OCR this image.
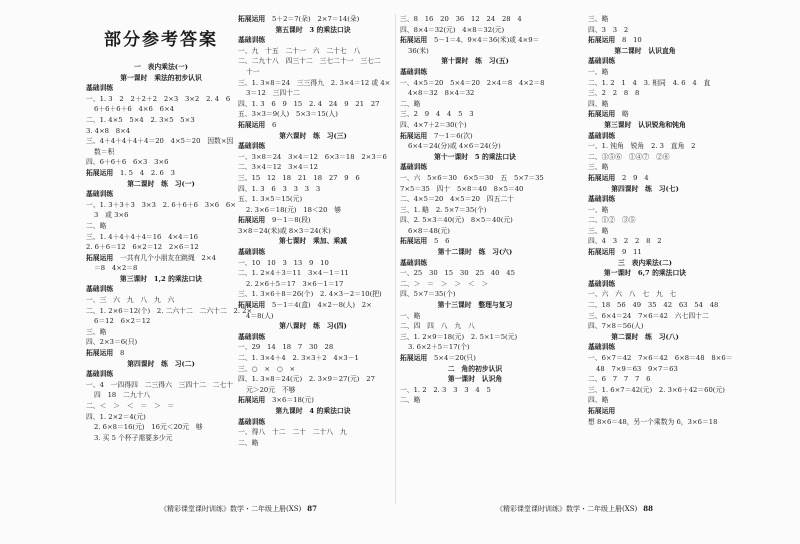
部分参考答案
一　表内乘法(一)
第一课时　乘法的初步认识
基础训练
一、1. 3　2　2＋2＋2　2×3　3×2　2. 4　6
6＋6＋6＋6　4×6　6×4
二、1. 4×5　5×4　2. 3×5　5×3
3. 4×8　8×4
三、4＋4＋4＋4＋4＝20　4×5＝20　因数×因
数＝积
四、6＋6＋6　6×3　3×6
拓展运用　1. 5　4　2. 6　3
第二课时　练　习(一)
基础训练
一、1. 3＋3＋3　3×3　2. 6＋6＋6　3×6　6×
3　或 3×6
二、略
三、1. 4＋4＋4＋4＝16　4×4＝16
2. 6＋6＝12　6×2＝12　2×6＝12
拓展运用　一共有几个小朋友在跳绳　2×4
＝8　4×2＝8
第三课时　1,2 的乘法口诀
基础训练
一、三　六　九　八　九　六
二、1. 2×6＝12(个)　2. 二六十二　二六十二　2. 2×
6＝12　6×2＝12
三、略
四、2×3＝6(只)
拓展运用　8
第四课时　练　习(二)
基础训练
一、4　一四得四　二三得六　三四十二　二七十
四　18　二九十八
二、＜　＞　＜　＝　＞　＝
四、1. 2×2＝4(元)
2. 6×8＝16(元)　16元＜20元　够
3. 买 5 个杯子需要多少元
拓展运用　5＋2＝7(朵)　2×7＝14(朵)
第五课时　3 的乘法口诀
基础训练
一、九　十五　二十一　六　二十七　八
二、二九十八　四三十二　三七二十一　三七二
十一
三、1. 3×8＝24　三三得九　2. 3×4＝12 或 4×
3＝12　三四十二
四、1. 3　6　9　15　2. 4　24　9　21　27
五、3×3＝9(人)　5×3＝15(人)
拓展运用　6
第六课时　练　习(三)
基础训练
一、3×8＝24　3×4＝12　6×3＝18　2×3＝6
二、3×4＝12　3×4＝12
三、15　12　18　21　18　27　9　6
四、1. 3　6　3　3　3　3
五、1. 3×5＝15(元)
2. 3×6＝18(元)　18＜20　够
拓展运用　9－1＝8(段)
3×8＝24(米)或 8×3＝24(米)
第七课时　乘加、乘减
基础训练
一、10　10　3　13　9　10
二、1. 2×4＋3＝11　3×4－1＝11
2. 2×6＋5＝17　3×6－1＝17
三、1. 3×6＋8＝26(个)　2. 4×3－2＝10(把)
拓展运用　5－1＝4(盒)　4×2－8(人)　2×
4＝8(人)
第八课时　练　习(四)
基础训练
一、29　14　18　7　30　28
二、1. 3×4＋4　2. 3×3＋2　4×3－1
三、○　×　○　×
四、1. 3×8＝24(元)　2. 3×9＝27(元)　27
元＞20元　不够
拓展运用　3×6＝18(元)
第九课时　4 的乘法口诀
基础训练
一、得八　十二　二十　二十八　九
二、略
《精彩课堂课时训练》数学・二年级上册(XS) 87
三、8　16　20　36　12　24　28　4
四、8×4＝32(元)　4×8＝32(元)
拓展运用　5－1＝4、9×4＝36(米)或 4×9＝
36(米)
第十课时　练　习(五)
基础训练
一、4×5＝20　5×4＝20　2×4＝8　4×2＝8
4×8＝32　8×4＝32
二、略
三、2　9　4　4　5　3
四、4×7＋2＝30(个)
拓展运用　7－1＝6(次)
6×4＝24(分)或 4×6＝24(分)
第十一课时　5 的乘法口诀
基础训练
一、六　5×6＝30　6×5＝30　五　5×7＝35
7×5＝35　四十　5×8＝40　8×5＝40
二、4×5＝20　4×5＝20　四五二十
三、1. 略　2. 5×7＝35(个)
四、2. 5×3＝40(元)　8×5＝40(元)
6×8＝48(元)
拓展运用　5　6
第十二课时　练　习(六)
基础训练
一、25　30　15　30　25　40　45
二、＞　＝　＞　＞　＜　＞
四、5×7＝35(个)
第十三课时　整理与复习
一、略
二、四　四　八　九　八
三、1. 2×9＝18(元)　2. 5×1＝5(元)
3. 6×2＋5＝17(个)
拓展运用　5×4＝20(只)
二　角的初步认识
第一课时　认识角
一、1. 2　2. 3　3　3　4　5
二、略
三、略
四、3　3　2
拓展运用　8　10
第二课时　认识直角
基础训练
一、略
二、1. 2　1　4　3. 相同　4. 6　4　直
三、2　2　8　8
四、略
拓展运用　略
第三课时　认识锐角和钝角
基础训练
一、1. 钝角　锐角　2. 3　直角　2
二、③⑤⑥　①④⑦　②⑧
三、略
拓展运用　2　9　4
第四课时　练　习(七)
基础训练
一、略
二、①②　③⑤
三、略
四、4　3　2　2　8　2
拓展运用　9　11
三　表内乘法(二)
第一课时　6,7 的乘法口诀
基础训练
一、六　六　八　七　九　七
二、18　56　49　35　42　63　54　48
三、6×4＝24　7×6＝42　六七四十二
四、7×8＝56(人)
第二课时　练　习(八)
基础训练
一、6×7＝42　7×6＝42　6×8＝48　8×6＝
48　7×9＝63　9×7＝63
二、6　7　7　7　6
三、1. 6×7＝42(元)　2. 3×6＋42＝60(元)
四、略
拓展运用
想 8×6＝48，另一个乘数为 6，3×6＝18
《精彩课堂课时训练》数学・二年级上册(XS) 88
